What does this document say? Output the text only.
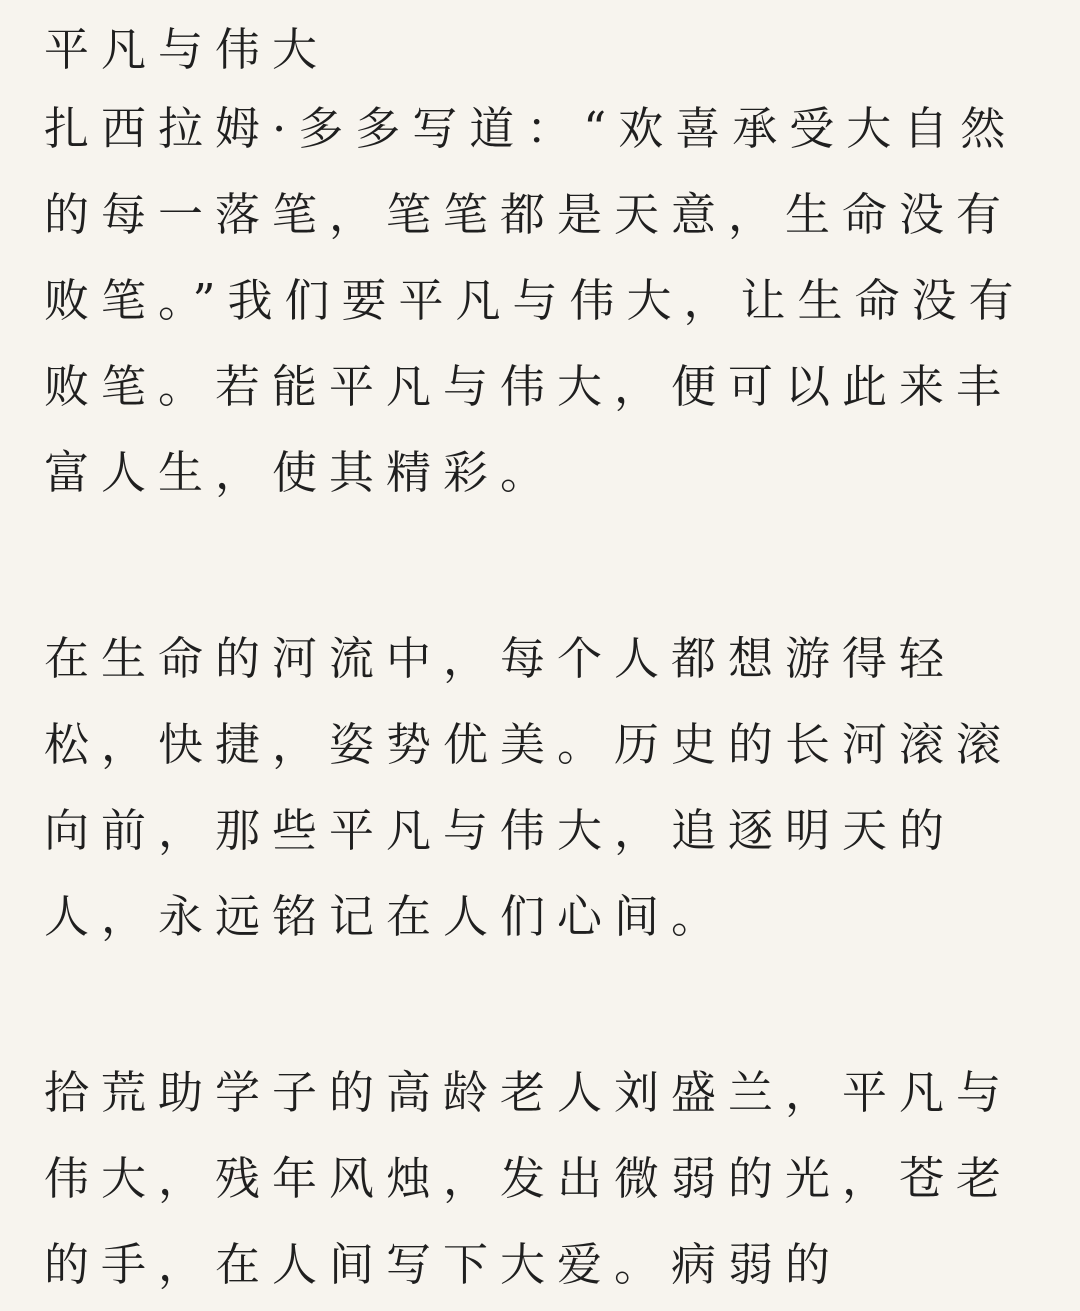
平凡与伟大

扎西拉姆·多多写道：“欢喜承受大自然的每一落笔，笔笔都是天意，生命没有败笔。”我们要平凡与伟大，让生命没有败笔。若能平凡与伟大，便可以此来丰富人生，使其精彩。

在生命的河流中，每个人都想游得轻松，快捷，姿势优美。历史的长河滚滚向前，那些平凡与伟大，追逐明天的人，永远铭记在人们心间。

拾荒助学子的高龄老人刘盛兰，平凡与伟大，残年风烛，发出微弱的光，苍老的手，在人间写下大爱。病弱的
